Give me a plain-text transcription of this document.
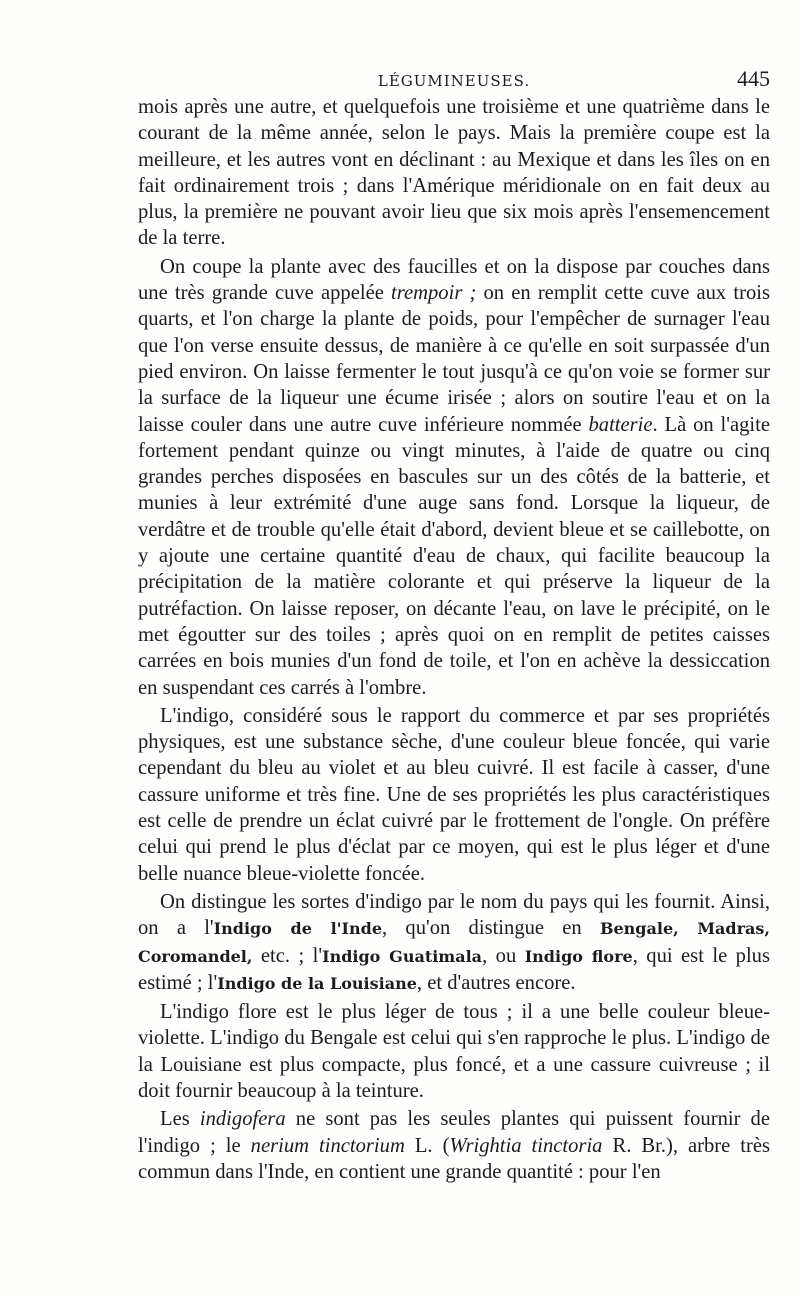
LÉGUMINEUSES.	445

mois après une autre, et quelquefois une troisième et une quatrième dans le courant de la même année, selon le pays. Mais la première coupe est la meilleure, et les autres vont en déclinant : au Mexique et dans les îles on en fait ordinairement trois ; dans l'Amérique méridionale on en fait deux au plus, la première ne pouvant avoir lieu que six mois après l'ensemencement de la terre.

On coupe la plante avec des faucilles et on la dispose par couches dans une très grande cuve appelée trempoir ; on en remplit cette cuve aux trois quarts, et l'on charge la plante de poids, pour l'empêcher de surnager l'eau que l'on verse ensuite dessus, de manière à ce qu'elle en soit surpassée d'un pied environ. On laisse fermenter le tout jusqu'à ce qu'on voie se former sur la surface de la liqueur une écume irisée ; alors on soutire l'eau et on la laisse couler dans une autre cuve inférieure nommée batterie. Là on l'agite fortement pendant quinze ou vingt minutes, à l'aide de quatre ou cinq grandes perches disposées en bascules sur un des côtés de la batterie, et munies à leur extrémité d'une auge sans fond. Lorsque la liqueur, de verdâtre et de trouble qu'elle était d'abord, devient bleue et se caillebotte, on y ajoute une certaine quantité d'eau de chaux, qui facilite beaucoup la précipitation de la matière colorante et qui préserve la liqueur de la putréfaction. On laisse reposer, on décante l'eau, on lave le précipité, on le met égoutter sur des toiles ; après quoi on en remplit de petites caisses carrées en bois munies d'un fond de toile, et l'on en achève la dessiccation en suspendant ces carrés à l'ombre.

L'indigo, considéré sous le rapport du commerce et par ses propriétés physiques, est une substance sèche, d'une couleur bleue foncée, qui varie cependant du bleu au violet et au bleu cuivré. Il est facile à casser, d'une cassure uniforme et très fine. Une de ses propriétés les plus caractéristiques est celle de prendre un éclat cuivré par le frottement de l'ongle. On préfère celui qui prend le plus d'éclat par ce moyen, qui est le plus léger et d'une belle nuance bleue-violette foncée.

On distingue les sortes d'indigo par le nom du pays qui les fournit. Ainsi, on a l'Indigo de l'Inde, qu'on distingue en Bengale, Madras, Coromandel, etc. ; l'Indigo Guatimala, ou Indigo flore, qui est le plus estimé ; l'Indigo de la Louisiane, et d'autres encore.

L'indigo flore est le plus léger de tous ; il a une belle couleur bleue-violette. L'indigo du Bengale est celui qui s'en rapproche le plus. L'indigo de la Louisiane est plus compacte, plus foncé, et a une cassure cuivreuse ; il doit fournir beaucoup à la teinture.

Les indigofera ne sont pas les seules plantes qui puissent fournir de l'indigo ; le nerium tinctorium L. (Wrightia tinctoria R. Br.), arbre très commun dans l'Inde, en contient une grande quantité : pour l'en
